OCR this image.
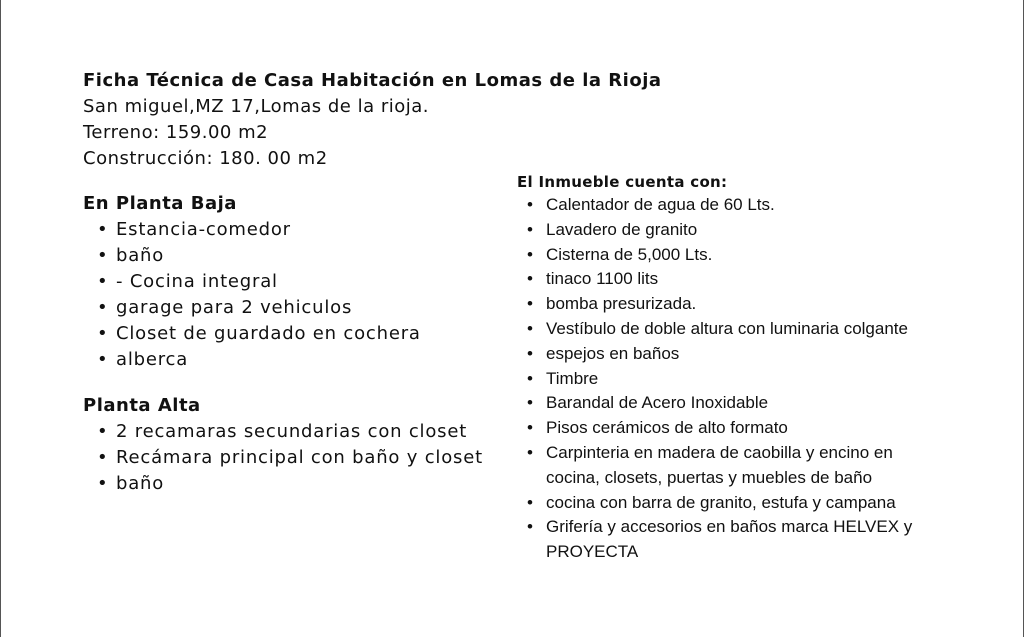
Ficha Técnica de Casa Habitación en Lomas de la Rioja
San miguel,MZ 17,Lomas de la rioja.
Terreno: 159.00 m2
Construcción: 180. 00 m2
En Planta Baja
• Estancia-comedor
• baño
• - Cocina integral
• garage para 2 vehiculos
• Closet de guardado en cochera
• alberca
Planta Alta
• 2 recamaras secundarias con closet
• Recámara principal con baño y closet
• baño
El Inmueble cuenta con:
• Calentador de agua de 60 Lts.
• Lavadero de granito
• Cisterna de 5,000 Lts.
• tinaco 1100 lits
• bomba presurizada.
• Vestíbulo de doble altura con luminaria colgante
• espejos en baños
• Timbre
• Barandal de Acero Inoxidable
• Pisos cerámicos de alto formato
• Carpinteria en madera de caobilla y encino en
cocina, closets, puertas y muebles de baño
• cocina con barra de granito, estufa y campana
• Grifería y accesorios en baños marca HELVEX y
PROYECTA
